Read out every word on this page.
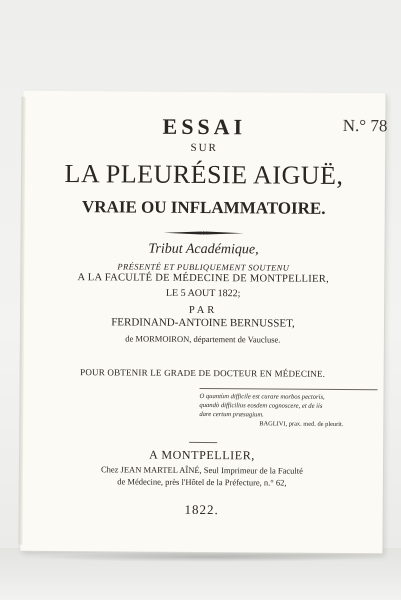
ESSAI	N.° 78
SUR
LA PLEURÉSIE AIGUË,
VRAIE OU INFLAMMATOIRE.
Tribut Académique,
PRÉSENTÉ ET PUBLIQUEMENT SOUTENU
A LA FACULTÉ DE MÉDECINE DE MONTPELLIER,
LE 5 AOUT 1822;
PAR
FERDINAND-ANTOINE BERNUSSET,
de MORMOIRON, département de Vaucluse.
POUR OBTENIR LE GRADE DE DOCTEUR EN MÉDECINE.
O quantùm difficile est curare morbos pectoris,
quandò difficilius eosdem cognoscere, et de iis
dare certum præsagium.
BAGLIVI, prax. med. de pleurit.
A MONTPELLIER,
Chez JEAN MARTEL AÎNÉ, Seul Imprimeur de la Faculté
de Médecine, près l'Hôtel de la Préfecture, n.° 62,
1822.
